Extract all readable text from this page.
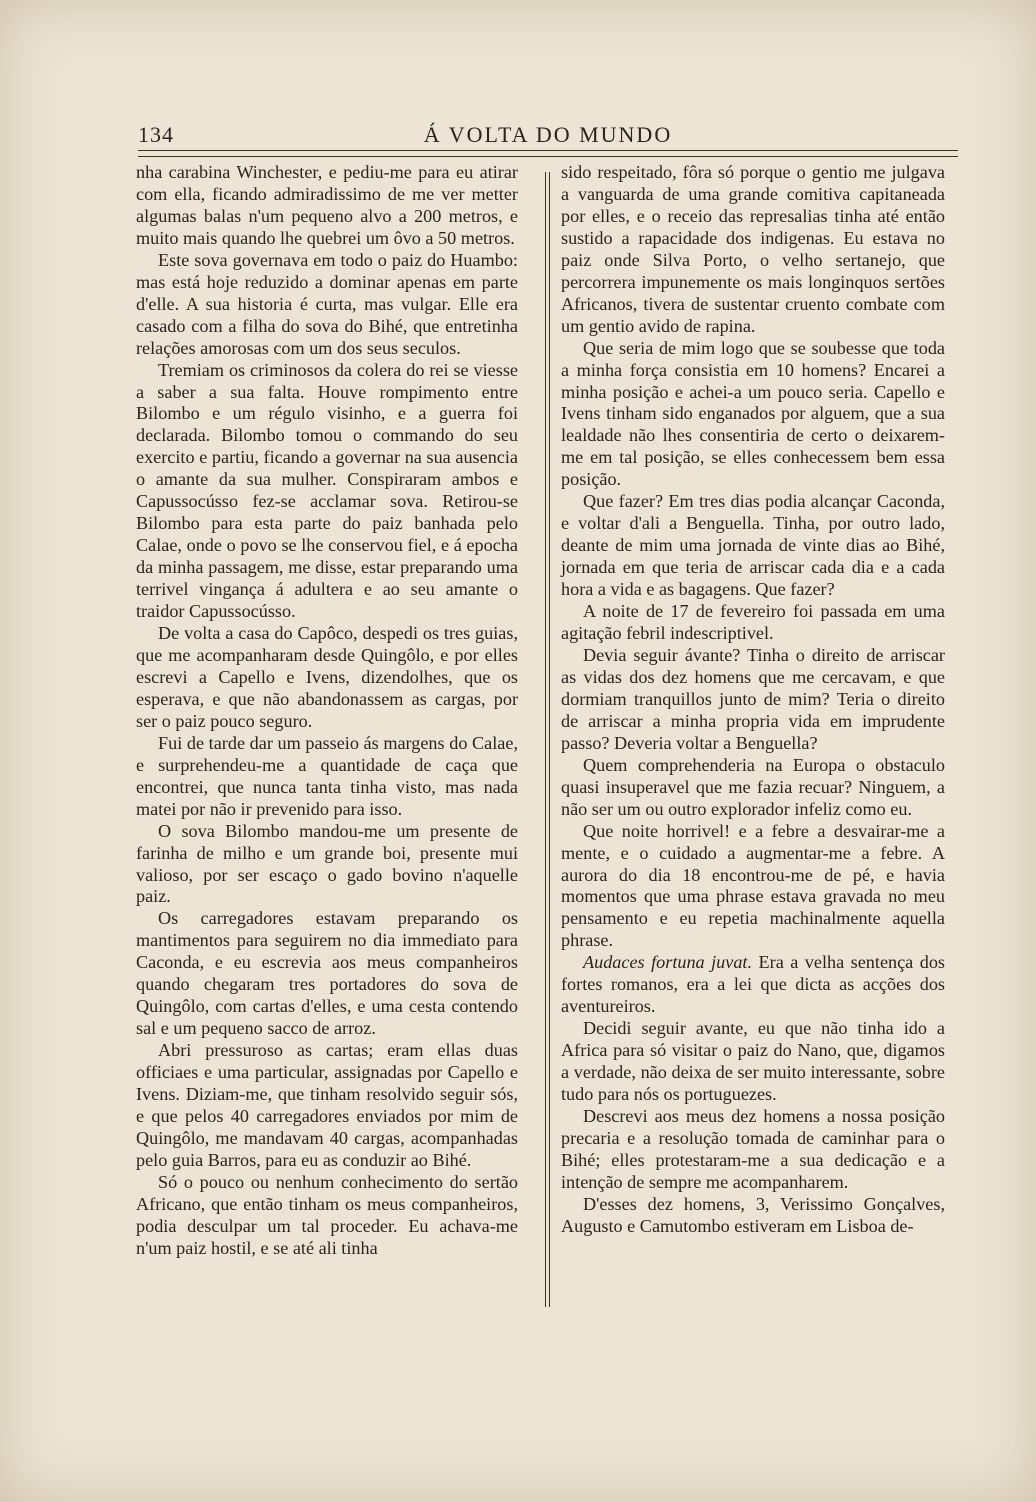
134	Á VOLTA DO MUNDO

nha carabina Winchester, e pediu-me para eu atirar com ella, ficando admiradissimo de me ver metter algumas balas n'um pequeno alvo a 200 metros, e muito mais quando lhe quebrei um ôvo a 50 metros.

Este sova governava em todo o paiz do Huambo: mas está hoje reduzido a dominar apenas em parte d'elle. A sua historia é curta, mas vulgar. Elle era casado com a filha do sova do Bihé, que entretinha relações amorosas com um dos seus seculos.

Tremiam os criminosos da colera do rei se viesse a saber a sua falta. Houve rompimento entre Bilombo e um régulo visinho, e a guerra foi declarada. Bilombo tomou o commando do seu exercito e partiu, ficando a governar na sua ausencia o amante da sua mulher. Conspiraram ambos e Capussocússo fez-se acclamar sova. Retirou-se Bilombo para esta parte do paiz banhada pelo Calae, onde o povo se lhe conservou fiel, e á epocha da minha passagem, me disse, estar preparando uma terrivel vingança á adultera e ao seu amante o traidor Capussocússo.

De volta a casa do Capôco, despedi os tres guias, que me acompanharam desde Quingôlo, e por elles escrevi a Capello e Ivens, dizendolhes, que os esperava, e que não abandonassem as cargas, por ser o paiz pouco seguro.

Fui de tarde dar um passeio ás margens do Calae, e surprehendeu-me a quantidade de caça que encontrei, que nunca tanta tinha visto, mas nada matei por não ir prevenido para isso.

O sova Bilombo mandou-me um presente de farinha de milho e um grande boi, presente mui valioso, por ser escaço o gado bovino n'aquelle paiz.

Os carregadores estavam preparando os mantimentos para seguirem no dia immediato para Caconda, e eu escrevia aos meus companheiros quando chegaram tres portadores do sova de Quingôlo, com cartas d'elles, e uma cesta contendo sal e um pequeno sacco de arroz.

Abri pressuroso as cartas; eram ellas duas officiaes e uma particular, assignadas por Capello e Ivens. Diziam-me, que tinham resolvido seguir sós, e que pelos 40 carregadores enviados por mim de Quingôlo, me mandavam 40 cargas, acompanhadas pelo guia Barros, para eu as conduzir ao Bihé.

Só o pouco ou nenhum conhecimento do sertão Africano, que então tinham os meus companheiros, podia desculpar um tal proceder. Eu achava-me n'um paiz hostil, e se até ali tinha

sido respeitado, fôra só porque o gentio me julgava a vanguarda de uma grande comitiva capitaneada por elles, e o receio das represalias tinha até então sustido a rapacidade dos indigenas. Eu estava no paiz onde Silva Porto, o velho sertanejo, que percorrera impunemente os mais longinquos sertões Africanos, tivera de sustentar cruento combate com um gentio avido de rapina.

Que seria de mim logo que se soubesse que toda a minha força consistia em 10 homens? Encarei a minha posição e achei-a um pouco seria. Capello e Ivens tinham sido enganados por alguem, que a sua lealdade não lhes consentiria de certo o deixarem-me em tal posição, se elles conhecessem bem essa posição.

Que fazer? Em tres dias podia alcançar Caconda, e voltar d'ali a Benguella. Tinha, por outro lado, deante de mim uma jornada de vinte dias ao Bihé, jornada em que teria de arriscar cada dia e a cada hora a vida e as bagagens. Que fazer?

A noite de 17 de fevereiro foi passada em uma agitação febril indescriptivel.

Devia seguir ávante? Tinha o direito de arriscar as vidas dos dez homens que me cercavam, e que dormiam tranquillos junto de mim? Teria o direito de arriscar a minha propria vida em imprudente passo? Deveria voltar a Benguella?

Quem comprehenderia na Europa o obstaculo quasi insuperavel que me fazia recuar? Ninguem, a não ser um ou outro explorador infeliz como eu.

Que noite horrivel! e a febre a desvairar-me a mente, e o cuidado a augmentar-me a febre. A aurora do dia 18 encontrou-me de pé, e havia momentos que uma phrase estava gravada no meu pensamento e eu repetia machinalmente aquella phrase.

Audaces fortuna juvat. Era a velha sentença dos fortes romanos, era a lei que dicta as acções dos aventureiros.

Decidi seguir avante, eu que não tinha ido a Africa para só visitar o paiz do Nano, que, digamos a verdade, não deixa de ser muito interessante, sobre tudo para nós os portuguezes.

Descrevi aos meus dez homens a nossa posição precaria e a resolução tomada de caminhar para o Bihé; elles protestaram-me a sua dedicação e a intenção de sempre me acompanharem.

D'esses dez homens, 3, Verissimo Gonçalves, Augusto e Camutombo estiveram em Lisboa de-
